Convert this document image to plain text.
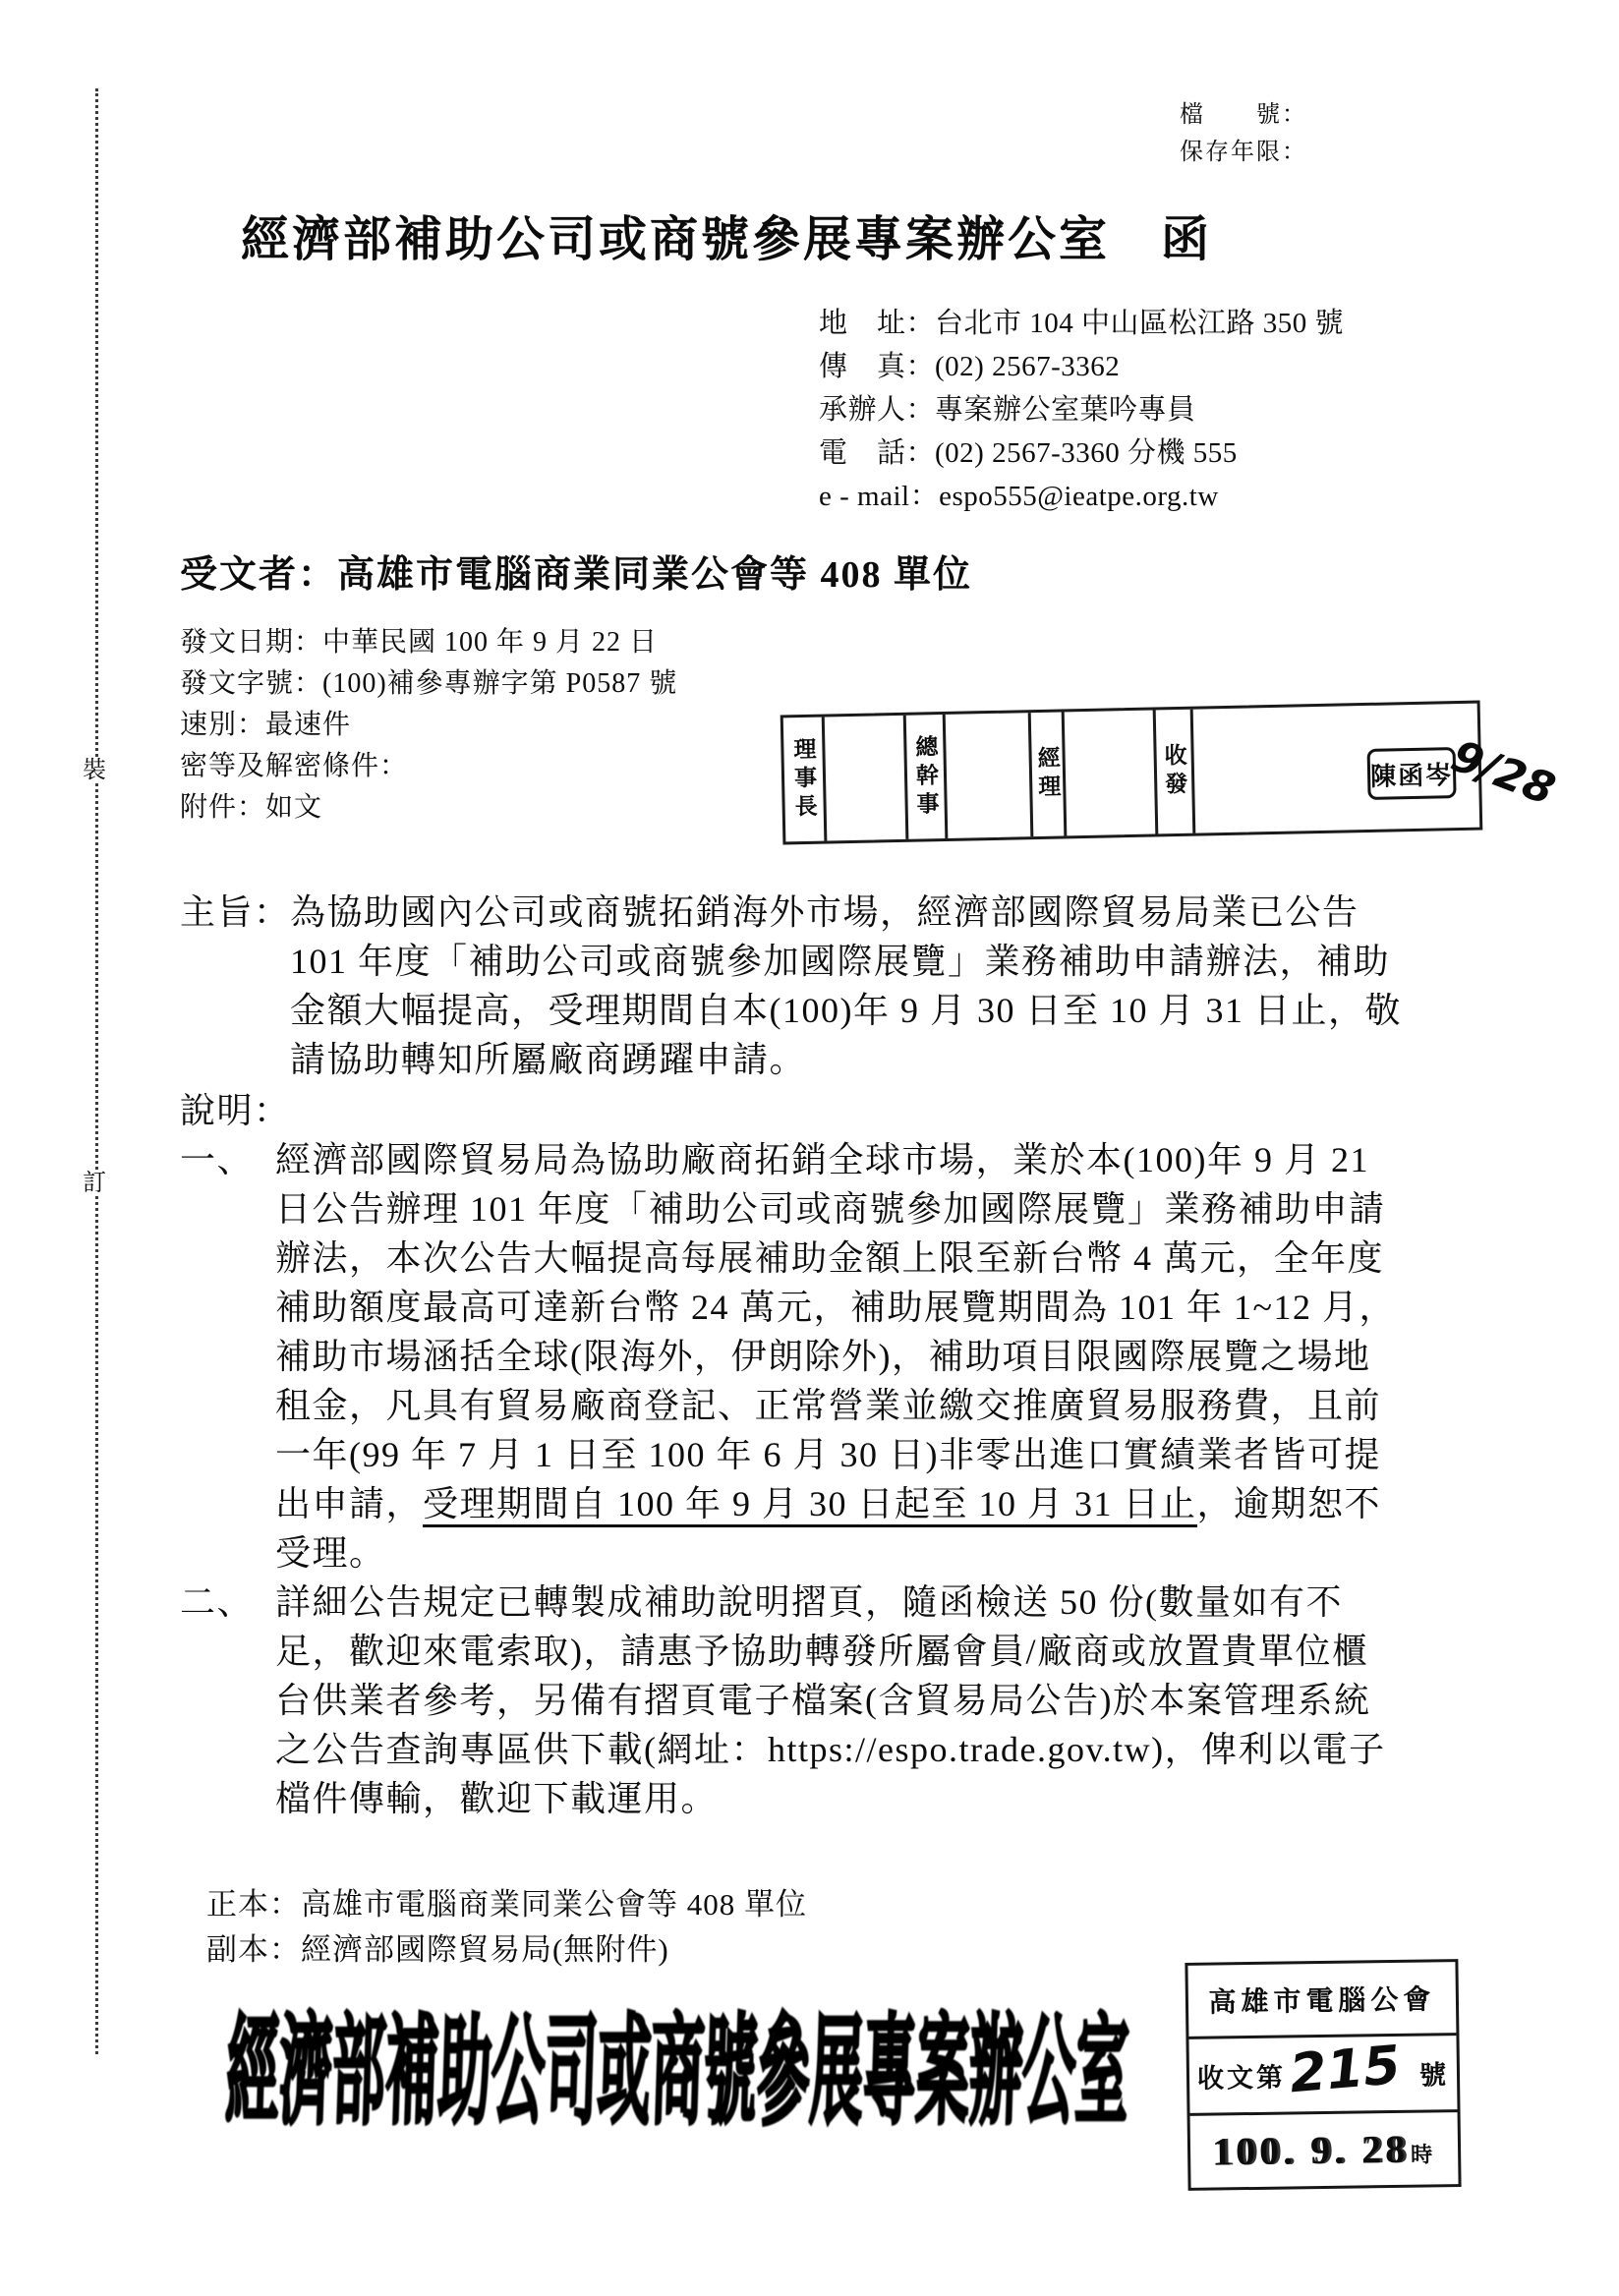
裝
訂
檔　　號：
保存年限：
經濟部補助公司或商號參展專案辦公室　函
地　址：台北市 104 中山區松江路 350 號
傳　真：(02) 2567-3362
承辦人：專案辦公室葉吟專員
電　話：(02) 2567-3360 分機 555
e - mail：espo555@ieatpe.org.tw
受文者：高雄市電腦商業同業公會等 408 單位
發文日期：中華民國 100 年 9 月 22 日
發文字號：(100)補參專辦字第 P0587 號
速別：最速件
密等及解密條件：
附件：如文	理事長	總幹事	經理	收發	陳函岑
9/28
主旨： 為協助國內公司或商號拓銷海外市場，經濟部國際貿易局業已公告
101 年度「補助公司或商號參加國際展覽」業務補助申請辦法，補助
金額大幅提高，受理期間自本(100)年 9 月 30 日至 10 月 31 日止，敬
請協助轉知所屬廠商踴躍申請。
說明：
一、 經濟部國際貿易局為協助廠商拓銷全球市場，業於本(100)年 9 月 21
日公告辦理 101 年度「補助公司或商號參加國際展覽」業務補助申請
辦法，本次公告大幅提高每展補助金額上限至新台幣 4 萬元，全年度
補助額度最高可達新台幣 24 萬元，補助展覽期間為 101 年 1~12 月，
補助市場涵括全球(限海外，伊朗除外)，補助項目限國際展覽之場地
租金，凡具有貿易廠商登記、正常營業並繳交推廣貿易服務費，且前
一年(99 年 7 月 1 日至 100 年 6 月 30 日)非零出進口實績業者皆可提
出申請，受理期間自 100 年 9 月 30 日起至 10 月 31 日止，逾期恕不
受理。
二、 詳細公告規定已轉製成補助說明摺頁，隨函檢送 50 份(數量如有不
足，歡迎來電索取)，請惠予協助轉發所屬會員/廠商或放置貴單位櫃
台供業者參考，另備有摺頁電子檔案(含貿易局公告)於本案管理系統
之公告查詢專區供下載(網址：https://espo.trade.gov.tw)，俾利以電子
檔件傳輸，歡迎下載運用。
正本：高雄市電腦商業同業公會等 408 單位
副本：經濟部國際貿易局(無附件)
經濟部補助公司或商號參展專案辦公室
高雄市電腦公會
收文第 215 號
100. 9. 28 時
